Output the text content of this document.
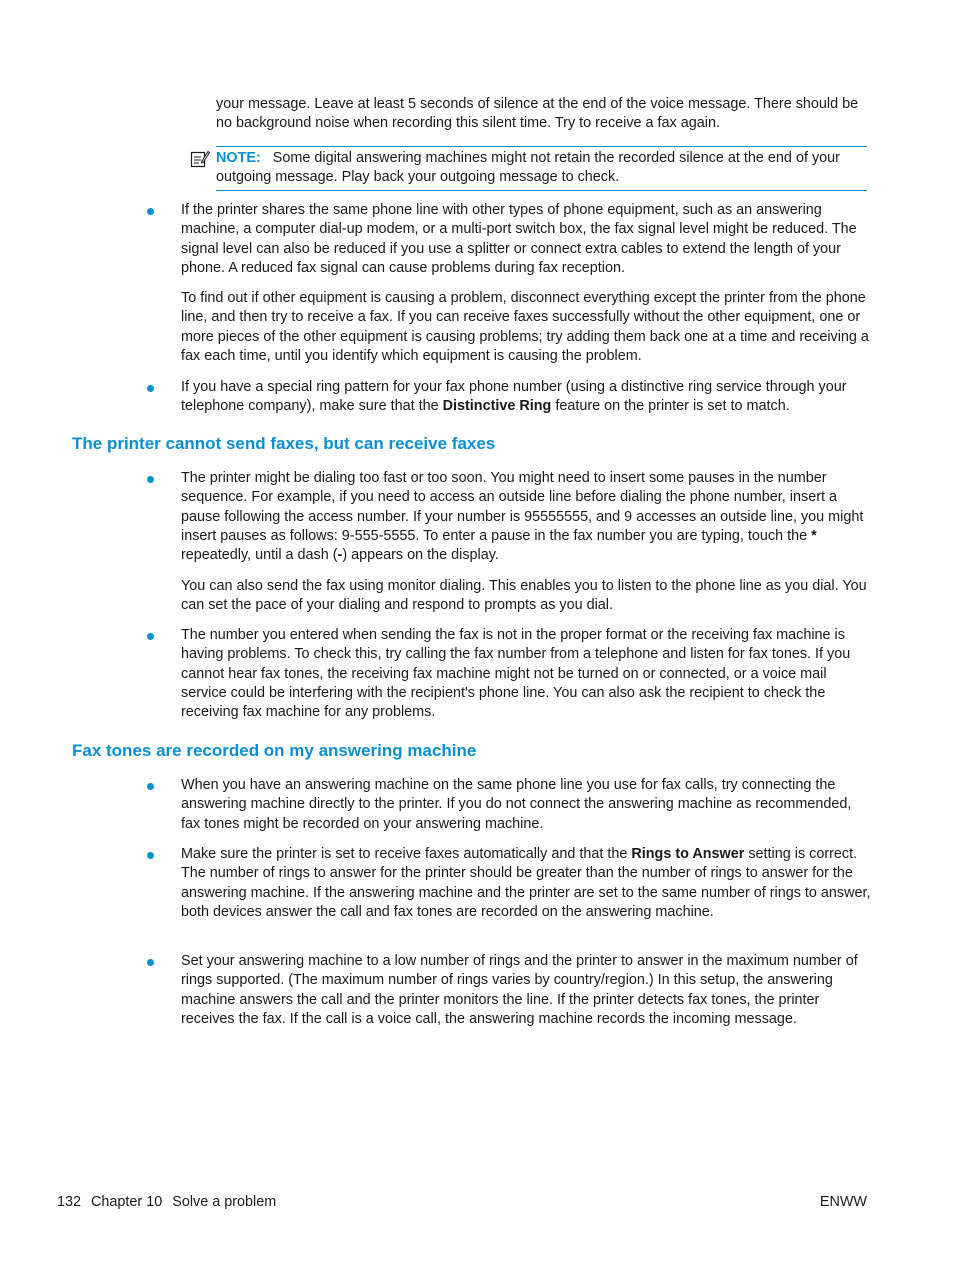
your message. Leave at least 5 seconds of silence at the end of the voice message. There should be no background noise when recording this silent time. Try to receive a fax again.

NOTE: Some digital answering machines might not retain the recorded silence at the end of your outgoing message. Play back your outgoing message to check.

If the printer shares the same phone line with other types of phone equipment, such as an answering machine, a computer dial-up modem, or a multi-port switch box, the fax signal level might be reduced. The signal level can also be reduced if you use a splitter or connect extra cables to extend the length of your phone. A reduced fax signal can cause problems during fax reception.

To find out if other equipment is causing a problem, disconnect everything except the printer from the phone line, and then try to receive a fax. If you can receive faxes successfully without the other equipment, one or more pieces of the other equipment is causing problems; try adding them back one at a time and receiving a fax each time, until you identify which equipment is causing the problem.

If you have a special ring pattern for your fax phone number (using a distinctive ring service through your telephone company), make sure that the Distinctive Ring feature on the printer is set to match.

The printer cannot send faxes, but can receive faxes

The printer might be dialing too fast or too soon. You might need to insert some pauses in the number sequence. For example, if you need to access an outside line before dialing the phone number, insert a pause following the access number. If your number is 95555555, and 9 accesses an outside line, you might insert pauses as follows: 9-555-5555. To enter a pause in the fax number you are typing, touch the * repeatedly, until a dash (-) appears on the display.

You can also send the fax using monitor dialing. This enables you to listen to the phone line as you dial. You can set the pace of your dialing and respond to prompts as you dial.

The number you entered when sending the fax is not in the proper format or the receiving fax machine is having problems. To check this, try calling the fax number from a telephone and listen for fax tones. If you cannot hear fax tones, the receiving fax machine might not be turned on or connected, or a voice mail service could be interfering with the recipient's phone line. You can also ask the recipient to check the receiving fax machine for any problems.

Fax tones are recorded on my answering machine

When you have an answering machine on the same phone line you use for fax calls, try connecting the answering machine directly to the printer. If you do not connect the answering machine as recommended, fax tones might be recorded on your answering machine.

Make sure the printer is set to receive faxes automatically and that the Rings to Answer setting is correct. The number of rings to answer for the printer should be greater than the number of rings to answer for the answering machine. If the answering machine and the printer are set to the same number of rings to answer, both devices answer the call and fax tones are recorded on the answering machine.

Set your answering machine to a low number of rings and the printer to answer in the maximum number of rings supported. (The maximum number of rings varies by country/region.) In this setup, the answering machine answers the call and the printer monitors the line. If the printer detects fax tones, the printer receives the fax. If the call is a voice call, the answering machine records the incoming message.

132 Chapter 10 Solve a problem	ENWW
